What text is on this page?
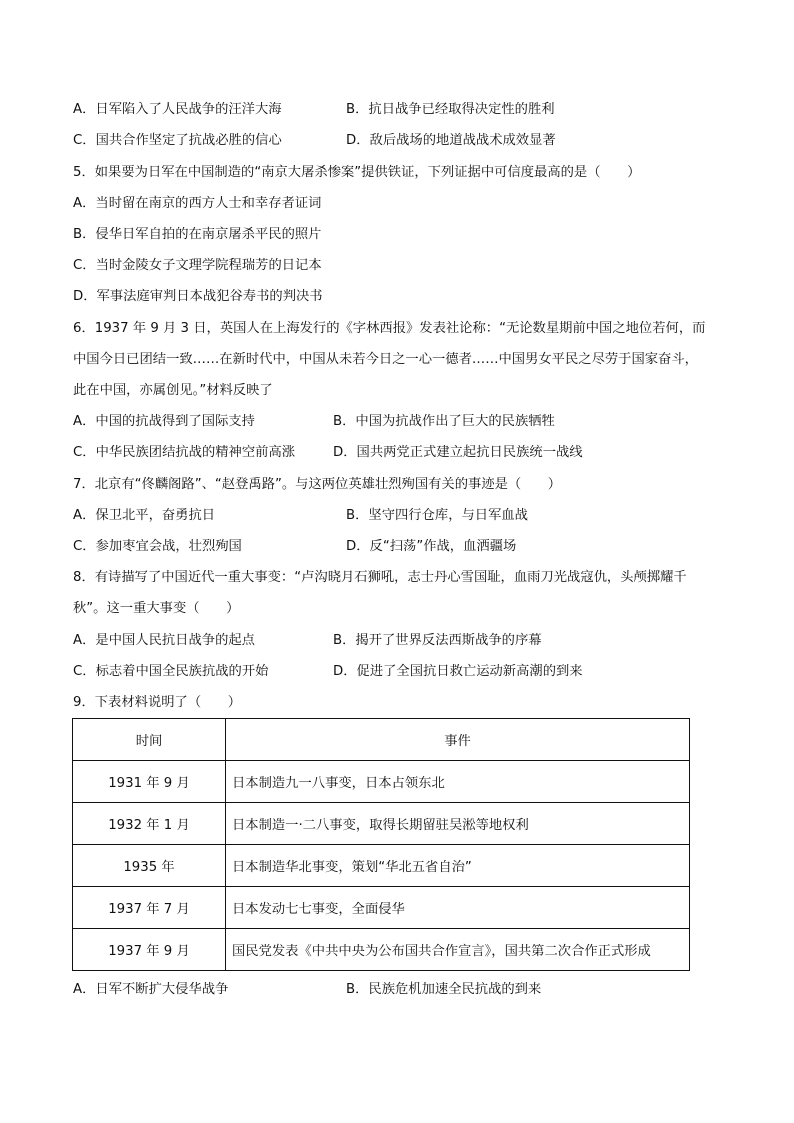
A．日军陷入了人民战争的汪洋大海	B．抗日战争已经取得决定性的胜利
C．国共合作坚定了抗战必胜的信心	D．敌后战场的地道战战术成效显著
5．如果要为日军在中国制造的“南京大屠杀惨案”提供铁证，下列证据中可信度最高的是（　　）
A．当时留在南京的西方人士和幸存者证词
B．侵华日军自拍的在南京屠杀平民的照片
C．当时金陵女子文理学院程瑞芳的日记本
D．军事法庭审判日本战犯谷寿书的判决书
6．1937 年 9 月 3 日，英国人在上海发行的《字林西报》发表社论称：“无论数星期前中国之地位若何，而
中国今日已团结一致……在新时代中，中国从未若今日之一心一德者……中国男女平民之尽劳于国家奋斗，
此在中国，亦属创见。”材料反映了
A．中国的抗战得到了国际支持	B．中国为抗战作出了巨大的民族牺牲
C．中华民族团结抗战的精神空前高涨	D．国共两党正式建立起抗日民族统一战线
7．北京有“佟麟阁路”、“赵登禹路”。与这两位英雄壮烈殉国有关的事迹是（　　）
A．保卫北平，奋勇抗日	B．坚守四行仓库，与日军血战
C．参加枣宜会战，壮烈殉国	D．反“扫荡”作战，血洒疆场
8．有诗描写了中国近代一重大事变：“卢沟晓月石狮吼，志士丹心雪国耻，血雨刀光战寇仇，头颅掷耀千
秋”。这一重大事变（　　）
A．是中国人民抗日战争的起点	B．揭开了世界反法西斯战争的序幕
C．标志着中国全民族抗战的开始	D．促进了全国抗日救亡运动新高潮的到来
9．下表材料说明了（　　）
时间	事件
1931 年 9 月	日本制造九一八事变，日本占领东北
1932 年 1 月	日本制造一·二八事变，取得长期留驻吴淞等地权利
1935 年	日本制造华北事变，策划“华北五省自治”
1937 年 7 月	日本发动七七事变，全面侵华
1937 年 9 月	国民党发表《中共中央为公布国共合作宣言》，国共第二次合作正式形成
A．日军不断扩大侵华战争	B．民族危机加速全民抗战的到来
